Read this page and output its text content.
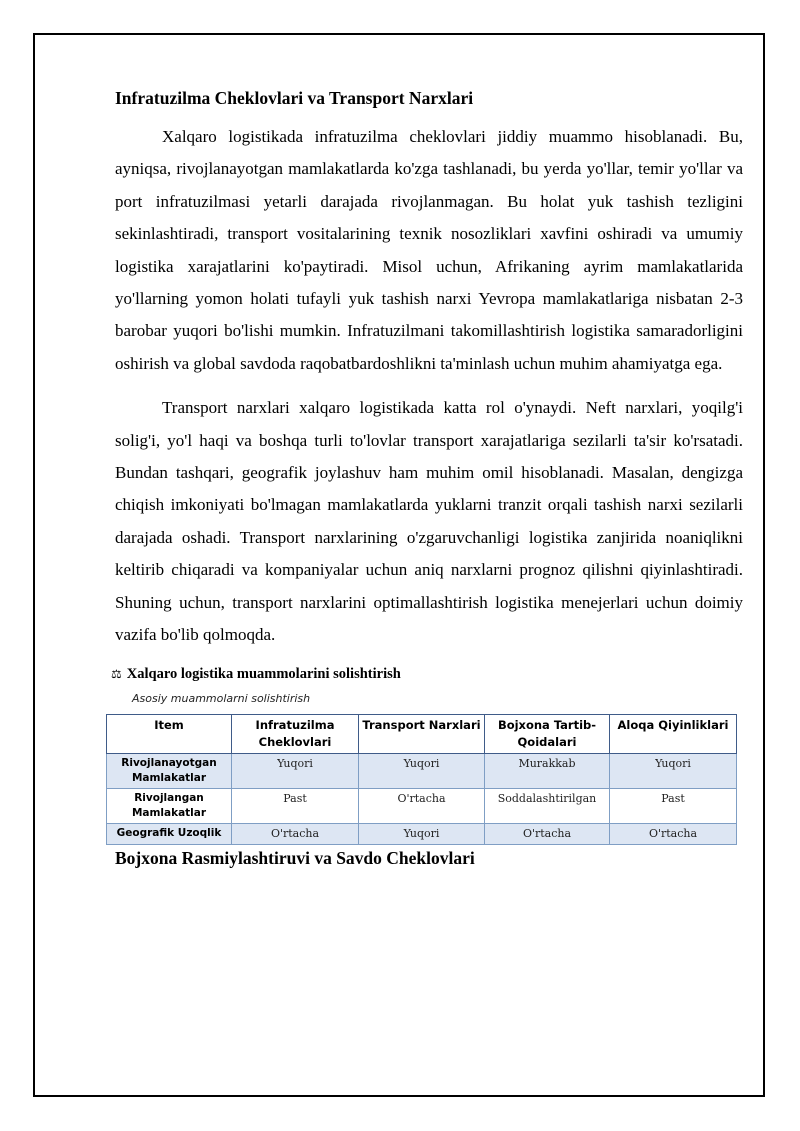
Infratuzilma Cheklovlari va Transport Narxlari

Xalqaro logistikada infratuzilma cheklovlari jiddiy muammo hisoblanadi. Bu, ayniqsa, rivojlanayotgan mamlakatlarda ko'zga tashlanadi, bu yerda yo'llar, temir yo'llar va port infratuzilmasi yetarli darajada rivojlanmagan. Bu holat yuk tashish tezligini sekinlashtiradi, transport vositalarining texnik nosozliklari xavfini oshiradi va umumiy logistika xarajatlarini ko'paytiradi. Misol uchun, Afrikaning ayrim mamlakatlarida yo'llarning yomon holati tufayli yuk tashish narxi Yevropa mamlakatlariga nisbatan 2-3 barobar yuqori bo'lishi mumkin. Infratuzilmani takomillashtirish logistika samaradorligini oshirish va global savdoda raqobatbardoshlikni ta'minlash uchun muhim ahamiyatga ega.

Transport narxlari xalqaro logistikada katta rol o'ynaydi. Neft narxlari, yoqilg'i solig'i, yo'l haqi va boshqa turli to'lovlar transport xarajatlariga sezilarli ta'sir ko'rsatadi. Bundan tashqari, geografik joylashuv ham muhim omil hisoblanadi. Masalan, dengizga chiqish imkoniyati bo'lmagan mamlakatlarda yuklarni tranzit orqali tashish narxi sezilarli darajada oshadi. Transport narxlarining o'zgaruvchanligi logistika zanjirida noaniqlikni keltirib chiqaradi va kompaniyalar uchun aniq narxlarni prognoz qilishni qiyinlashtiradi. Shuning uchun, transport narxlarini optimallashtirish logistika menejerlari uchun doimiy vazifa bo'lib qolmoqda.

⚖ Xalqaro logistika muammolarini solishtirish
Asosiy muammolarni solishtirish
Item	Infratuzilma Cheklovlari	Transport Narxlari	Bojxona Tartib-Qoidalari	Aloqa Qiyinliklari
Rivojlanayotgan Mamlakatlar	Yuqori	Yuqori	Murakkab	Yuqori
Rivojlangan Mamlakatlar	Past	O'rtacha	Soddalashtirilgan	Past
Geografik Uzoqlik	O'rtacha	Yuqori	O'rtacha	O'rtacha
Bojxona Rasmiylashtiruvi va Savdo Cheklovlari
